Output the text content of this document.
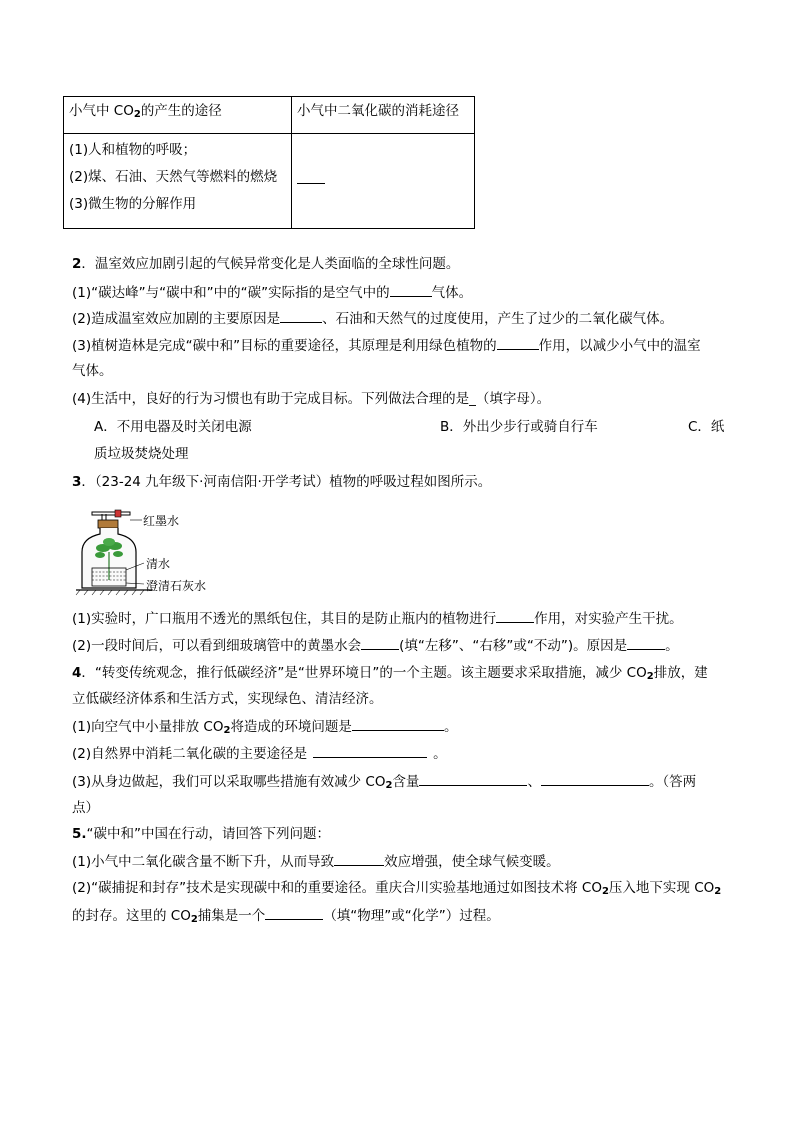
小气中 $CO_2$的产生的途径	小气中二氧化碳的消耗途径

(1)人和植物的呼吸；
(2)煤、石油、天然气等燃料的燃烧
(3)微生物的分解作用	

2．温室效应加剧引起的气候异常变化是人类面临的全球性问题。
(1)“碳达峰”与“碳中和”中的“碳”实际指的是空气中的	气体。
(2)造成温室效应加剧的主要原因是	、石油和天然气的过度使用，产生了过少的二氧化碳气体。
(3)植树造林是完成“碳中和”目标的重要途径，其原理是利用绿色植物的	作用，以减少小气中的温室
气体。
(4)生活中，良好的行为习惯也有助于完成目标。下列做法合理的是_（填字母）。
A．不用电器及时关闭电源	B．外出少步行或骑自行车	C．纸
质垃圾焚烧处理
3．（23-24 九年级下·河南信阳·开学考试）植物的呼吸过程如图所示。
红墨水
清水
澄清石灰水
(1)实验时，广口瓶用不透光的黑纸包住，其目的是防止瓶内的植物进行	作用，对实验产生干扰。
(2)一段时间后，可以看到细玻璃管中的黄墨水会	(填“左移”、“右移”或“不动”)。原因是	。
4．“转变传统观念，推行低碳经济”是“世界环境日”的一个主题。该主题要求采取措施，减少 $CO_2$排放，建
立低碳经济体系和生活方式，实现绿色、清洁经济。
(1)向空气中小量排放 $CO_2$将造成的环境问题是	。
(2)自然界中消耗二氧化碳的主要途径是	。
(3)从身边做起，我们可以采取哪些措施有效减少 $CO_2$含量	、	。（答两
点）
5.“碳中和”中国在行动，请回答下列问题：
(1)小气中二氧化碳含量不断下升，从而导致	效应增强，使全球气候变暖。
(2)“碳捕捉和封存”技术是实现碳中和的重要途径。重庆合川实验基地通过如图技术将 $CO_2$压入地下实现 $CO_2$
的封存。这里的 $CO_2$捕集是一个	（填“物理”或“化学”）过程。
